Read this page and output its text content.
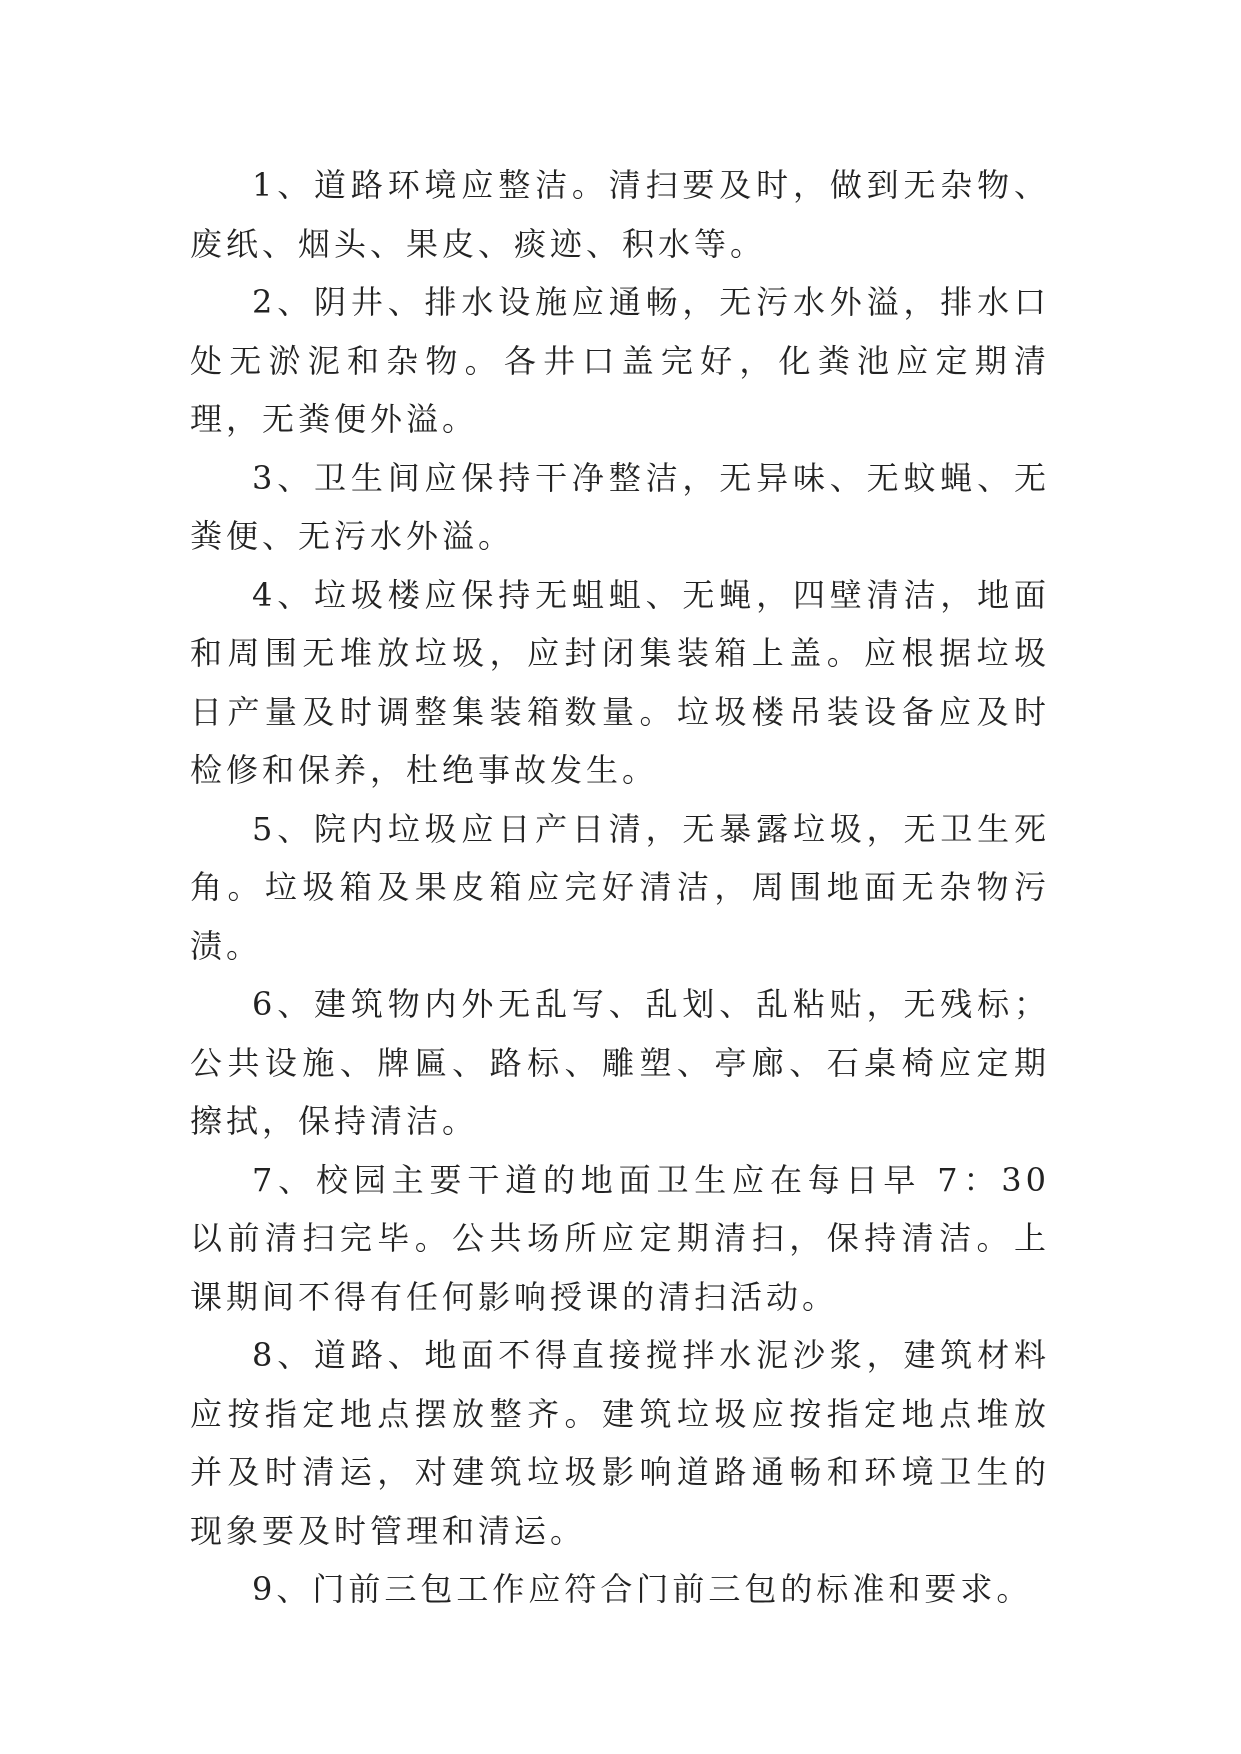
1、道路环境应整洁。清扫要及时，做到无杂物、废纸、烟头、果皮、痰迹、积水等。

2、阴井、排水设施应通畅，无污水外溢，排水口处无淤泥和杂物。各井口盖完好，化粪池应定期清理，无粪便外溢。

3、卫生间应保持干净整洁，无异味、无蚊蝇、无粪便、无污水外溢。

4、垃圾楼应保持无蛆蛆、无蝇，四壁清洁，地面和周围无堆放垃圾，应封闭集装箱上盖。应根据垃圾日产量及时调整集装箱数量。垃圾楼吊装设备应及时检修和保养，杜绝事故发生。

5、院内垃圾应日产日清，无暴露垃圾，无卫生死角。垃圾箱及果皮箱应完好清洁，周围地面无杂物污渍。

6、建筑物内外无乱写、乱划、乱粘贴，无残标；公共设施、牌匾、路标、雕塑、亭廊、石桌椅应定期擦拭，保持清洁。

7、校园主要干道的地面卫生应在每日早 7：30 以前清扫完毕。公共场所应定期清扫，保持清洁。上课期间不得有任何影响授课的清扫活动。

8、道路、地面不得直接搅拌水泥沙浆，建筑材料应按指定地点摆放整齐。建筑垃圾应按指定地点堆放并及时清运，对建筑垃圾影响道路通畅和环境卫生的现象要及时管理和清运。

9、门前三包工作应符合门前三包的标准和要求。
